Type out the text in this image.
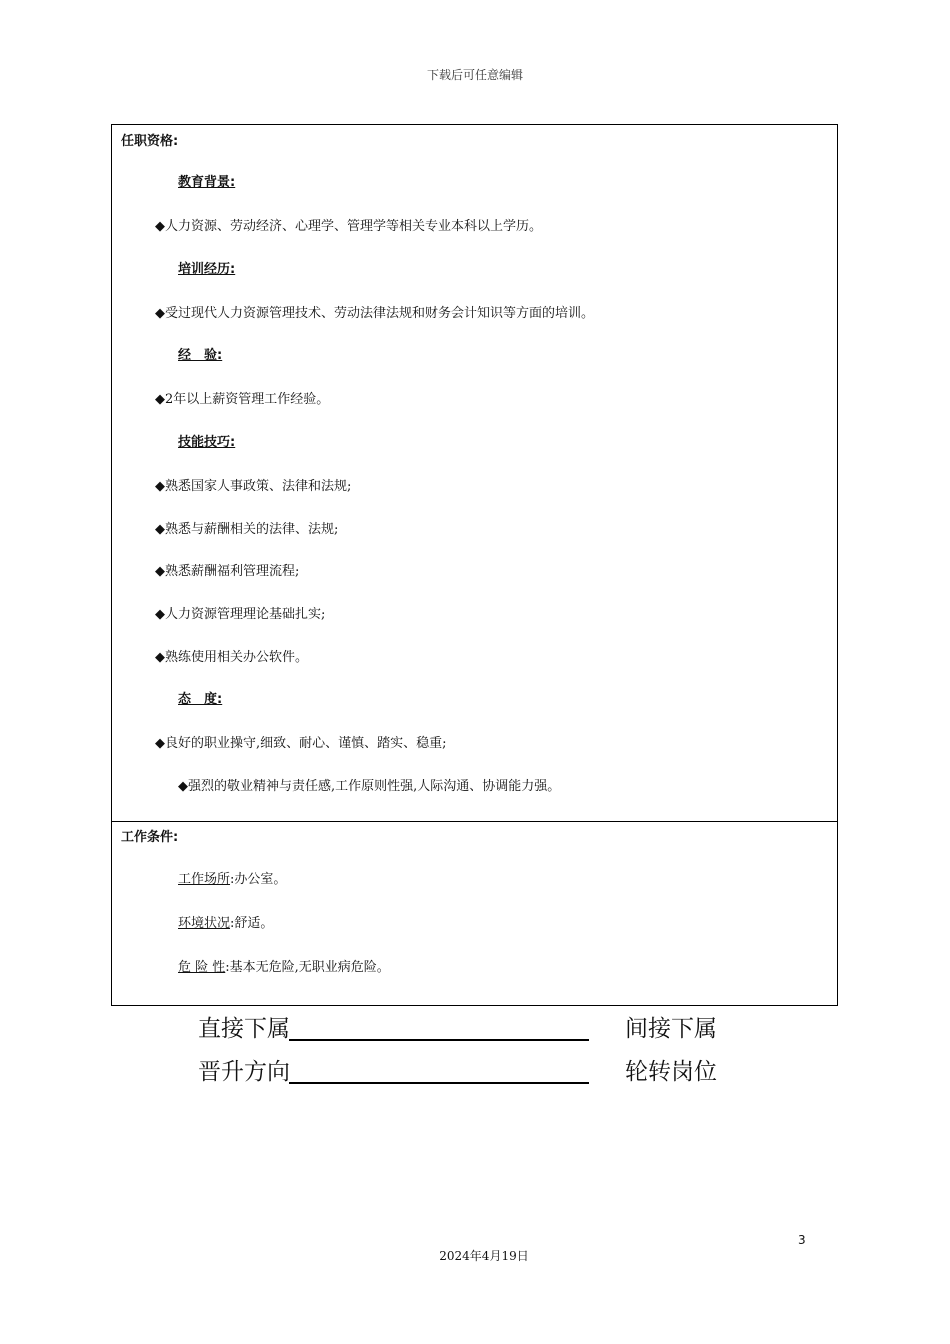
下载后可任意编辑
任职资格:
教育背景:
◆人力资源、劳动经济、心理学、管理学等相关专业本科以上学历。
培训经历:
◆受过现代人力资源管理技术、劳动法律法规和财务会计知识等方面的培训。
经　验:
◆2年以上薪资管理工作经验。
技能技巧:
◆熟悉国家人事政策、法律和法规;
◆熟悉与薪酬相关的法律、法规;
◆熟悉薪酬福利管理流程;
◆人力资源管理理论基础扎实;
◆熟练使用相关办公软件。
态　度:
◆良好的职业操守,细致、耐心、谨慎、踏实、稳重;
◆强烈的敬业精神与责任感,工作原则性强,人际沟通、协调能力强。
工作条件:
工作场所:办公室。
环境状况:舒适。
危 险 性:基本无危险,无职业病危险。
直接下属	间接下属
晋升方向	轮转岗位
3
2024年4月19日
